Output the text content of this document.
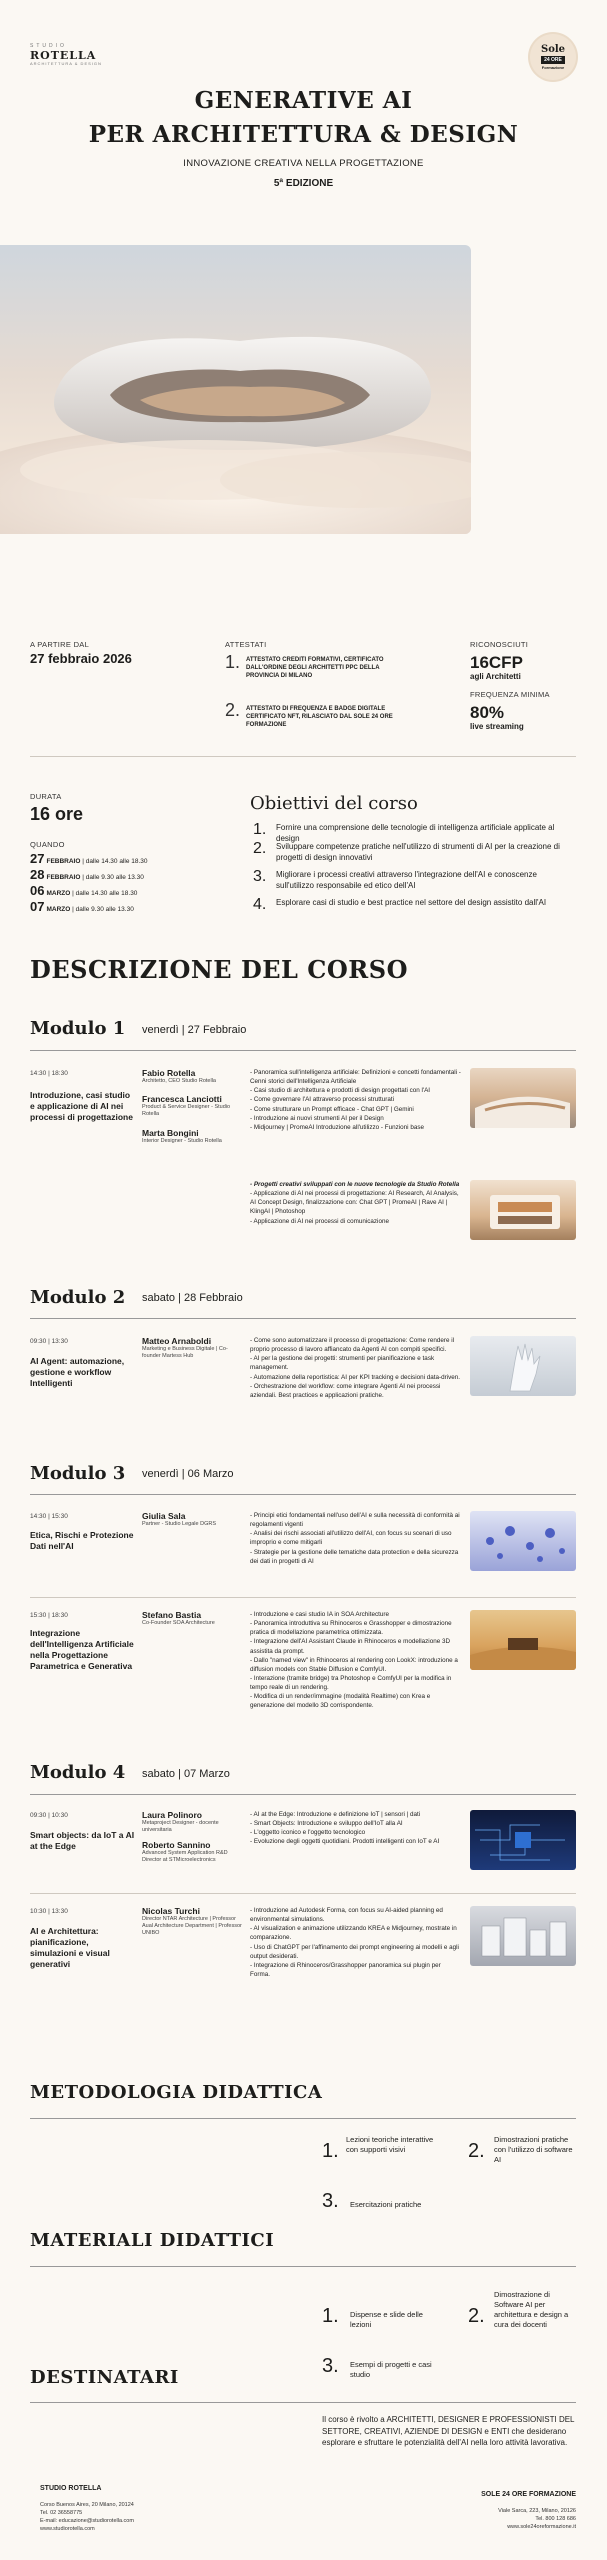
STUDIO
ROTELLA
ARCHITETTURA & DESIGN
Sole
24 ORE
Formazione
GENERATIVE AI
PER ARCHITETTURA & DESIGN
INNOVAZIONE CREATIVA NELLA PROGETTAZIONE
5ª EDIZIONE
A PARTIRE DAL
27 febbraio 2026
ATTESTATI
1. ATTESTATO CREDITI FORMATIVI, CERTIFICATO DALL'ORDINE DEGLI ARCHITETTI PPC DELLA PROVINCIA DI MILANO
2. ATTESTATO DI FREQUENZA E BADGE DIGITALE CERTIFICATO NFT, RILASCIATO DAL SOLE 24 ORE FORMAZIONE
RICONOSCIUTI
16CFP
agli Architetti
FREQUENZA MINIMA
80%
live streaming
DURATA
16 ore
QUANDO
27 FEBBRAIO | dalle 14.30 alle 18.30
28 FEBBRAIO | dalle 9.30 alle 13.30
06 MARZO | dalle 14.30 alle 18.30
07 MARZO | dalle 9.30 alle 13.30
Obiettivi del corso
1. Fornire una comprensione delle tecnologie di intelligenza artificiale applicate al design
2. Sviluppare competenze pratiche nell'utilizzo di strumenti di AI per la creazione di progetti di design innovativi
3. Migliorare i processi creativi attraverso l'integrazione dell'AI e conoscenze sull'utilizzo responsabile ed etico dell'AI
4. Esplorare casi di studio e best practice nel settore del design assistito dall'AI
DESCRIZIONE DEL CORSO
Modulo 1 venerdì | 27 Febbraio
14:30 | 18:30
Introduzione, casi studio e applicazione di AI nei processi di progettazione
Fabio Rotella
Architetto, CEO Studio Rotella
Francesca Lanciotti
Product & Service Designer - Studio Rotella
Marta Bongini
Interior Designer - Studio Rotella
- Panoramica sull'intelligenza artificiale: Definizioni e concetti fondamentali - Cenni storici dell'Intelligenza Artificiale
- Casi studio di architettura e prodotti di design progettati con l'AI
- Come governare l'AI attraverso processi strutturati
- Come strutturare un Prompt efficace - Chat GPT | Gemini
- Introduzione ai nuovi strumenti AI per il Design
- Midjourney | PromeAI Introduzione all'utilizzo - Funzioni base
- Progetti creativi sviluppati con le nuove tecnologie da Studio Rotella
- Applicazione di AI nei processi di progettazione: AI Research, AI Analysis, AI Concept Design, finalizzazione con: Chat GPT | PromeAI | Rave AI | KlingAI | Photoshop
- Applicazione di AI nei processi di comunicazione
Modulo 2 sabato | 28 Febbraio
09:30 | 13:30
AI Agent: automazione, gestione e workflow Intelligenti
Matteo Arnaboldi
Marketing e Business Digitale | Co-founder Martess Hub
- Come sono automatizzare il processo di progettazione: Come rendere il proprio processo di lavoro affiancato da Agenti AI con compiti specifici.
- AI per la gestione dei progetti: strumenti per pianificazione e task management.
- Automazione della reportistica: AI per KPI tracking e decisioni data-driven.
- Orchestrazione del workflow: come integrare Agenti AI nei processi aziendali. Best practices e applicazioni pratiche.
Modulo 3 venerdì | 06 Marzo
14:30 | 15:30
Etica, Rischi e Protezione Dati nell'AI
Giulia Sala
Partner - Studio Legale DGRS
- Principi etici fondamentali nell'uso dell'AI e sulla necessità di conformità ai regolamenti vigenti
- Analisi dei rischi associati all'utilizzo dell'AI, con focus su scenari di uso improprio e come mitigarli
- Strategie per la gestione delle tematiche data protection e della sicurezza dei dati in progetti di AI
15:30 | 18:30
Integrazione dell'Intelligenza Artificiale nella Progettazione Parametrica e Generativa
Stefano Bastia
Co-Founder SOA Architecture
- Introduzione e casi studio IA in SOA Architecture
- Panoramica introduttiva su Rhinoceros e Grasshopper e dimostrazione pratica di modellazione parametrica ottimizzata.
- Integrazione dell'AI Assistant Claude in Rhinoceros e modellazione 3D assistita da prompt.
- Dallo "named view" in Rhinoceros al rendering con LookX: introduzione a diffusion models con Stable Diffusion e ComfyUI.
- Interazione (tramite bridge) tra Photoshop e ComfyUI per la modifica in tempo reale di un rendering.
- Modifica di un render/immagine (modalità Realtime) con Krea e generazione del modello 3D corrispondente.
Modulo 4 sabato | 07 Marzo
09:30 | 10:30
Smart objects: da IoT a AI at the Edge
Laura Polinoro
Metaproject Designer - docente universitaria
Roberto Sannino
Advanced System Application R&D Director at STMicroelectronics
- AI at the Edge: Introduzione e definizione IoT | sensori | dati
- Smart Objects: Introduzione e sviluppo dell'IoT alla AI
- L'oggetto iconico e l'oggetto tecnologico
- Evoluzione degli oggetti quotidiani. Prodotti intelligenti con IoT e AI
10:30 | 13:30
AI e Architettura: pianificazione, simulazioni e visual generativi
Nicolas Turchi
Director NTAR Architecture | Professor Aual Architecture Department | Professor UNIBO
- Introduzione ad Autodesk Forma, con focus su AI-aided planning ed environmental simulations.
- AI visualization e animazione utilizzando KREA e Midjourney, mostrate in comparazione.
- Uso di ChatGPT per l'affinamento dei prompt engineering ai modelli e agli output desiderati.
- Integrazione di Rhinoceros/Grasshopper panoramica sui plugin per Forma.
METODOLOGIA DIDATTICA
1.
Lezioni teoriche interattive con supporti visivi	2.
Dimostrazioni pratiche con l'utilizzo di software AI
3. Esercitazioni pratiche
MATERIALI DIDATTICI
1. Dispense e slide delle lezioni	2.
Dimostrazione di Software AI per architettura e design a cura dei docenti
3. Esempi di progetti e casi studio
DESTINATARI
Il corso è rivolto a ARCHITETTI, DESIGNER E PROFESSIONISTI DEL SETTORE, CREATIVI, AZIENDE DI DESIGN e ENTI che desiderano esplorare e sfruttare le potenzialità dell'AI nella loro attività lavorativa.
STUDIO ROTELLA
Corso Buenos Aires, 20 Milano, 20124
Tel. 02 36558775
E-mail: educazione@studiorotella.com
www.studiorotella.com
SOLE 24 ORE FORMAZIONE
Viale Sarca, 223, Milano, 20126
Tel. 800 128 686
www.sole24oreformazione.it
